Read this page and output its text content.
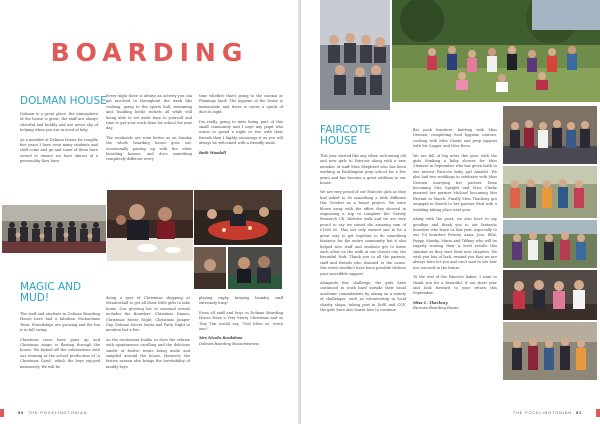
BOARDING
DOLMAN HOUSE

Dolman is a great place, the atmosphere of the house is great, the staff are always cheerful and bubbly and are never shy of helping when you are in need of help.

As a member of Dolman House for roughly five years I have seen many students and staff come and go and some of them have vowed to ensure we have almost of a personality they have.

Every night there is always an activity you can get involved in throughout the week like cooking, going to the sports hall, swimming and, building bottle rockets all while still being able to set aside time to yourself and time to get your work done for school the next day.

The weekends are even better as on Sunday the whole boarding house goes out, occasionally pairing up with the other boarding houses, and does something completely different every

time whether that's going to the cinema or Flamingo land! The hygiene of the house is immaculate and there is never a speck of dust in sight.

I'm really going to miss being part of this small community and I urge any pupil who wants to spend a night or two with their friends then I highly encourage it as you will always be welcomed with a friendly smile.

Beth Woodall

MAGIC AND
MUD!

The staff and students in Dolman Boarding House have had a fabulous Michaelmas Term. Friendships are growing and the fun is in full swing.

Christmas trees have gone up and Christmas magic is flowing through the house. We kicked off the celebrations with our evening at the school production of 'A Christmas Carol', which the boys enjoyed immensely. We will be

doing a spot of Christmas shopping at Meadowhall to get all those little gifts to take home. Our growing list of seasonal events includes the Boarders' Christmas Dinner, Christmas Movie Night, Christmas Jumper Day, Dolman Secret Santa and Party Night to mention but a few.

As the excitement builds so does the volume with spontaneous carolling and the delicious smells of festive treats being made and sampled around the house. However, the festive season also brings the inevitability of muddy boys

playing rugby keeping laundry staff extremely busy!

From all staff and boys in Dolman Boarding House Have a Very Merry Christmas and as Tiny Tim would say, "God bless us, every one!"

Mrs Nicola Bradshaw

Dolman Boarding Housemistress

50 THE POCKLINGTONIAN
FAIRCOTE
HOUSE

This year started like any other, welcoming old and new girls to Faircote along with a new member of staff Miss Shepherd who has been working in Pocklington prep school for a few years and has become a great addition to our house.

We are very proud of our Faircote girls as they had asked to do something a little different this October as a house project. We were blown away with the effort they showed in organising a trip to complete the Gravity Research UK 5kMetre walk and we are very proud to say we raised the amazing sum of £1000.00. This not only earned one to be a great way to get together to do something fantastic for the entire community but it also helped new staff and students get to know each other on the walk at our closest city, the beautiful York. Thank you to all the parents, staff and friends who donated to the cause. this event wouldn't have been possible without your incredible support.

Alongside this challenge, the girls have continued to work hard outside their usual academic commitments by taking on a variety of challenges, such as volunteering in local charity shops, taking part in DofE and CCF, the girls have also learnt how to continue

flat pack furniture, knitting with Miss Dewsen, completing food hygiene courses, cooking with Miss Clarke and prep support with Mr Capper and Miss Reva.

We are full of big news this year, with the girls thinking a baby shower for Miss Clement in September who has given birth to our newest Faircote baby girl Amabel. We also had two weddings to celebrate with Miss Dewsen marrying her partner Dean becoming Mrs Speight and Miss Clarke married her partner Michael becoming Mrs Farrant in March. Finally Miss Thackray got engaged in March to her partner Paul with a wedding taking place next year.

Along with the good, we also have to say goodbye and thank you to our fantastic boarders who leave us this year, especially to our U6 boarders Pewtey, Anna, Jess, Ellie, Poppy, Maisky, Maria and Tiffany who will be eagerly waiting their A level results this summer as they start their new chapters. We wish you lots of luck, remind you that we are always here for you and can't wait to see how you succeed in the future.

To the rest of the Faircote ladies, I want to thank you for a beautiful, if not short year and look forward to your return this September.

Miss C. Thackray

Faircote Boarding House

THE POCKLINGTONIAN 51
